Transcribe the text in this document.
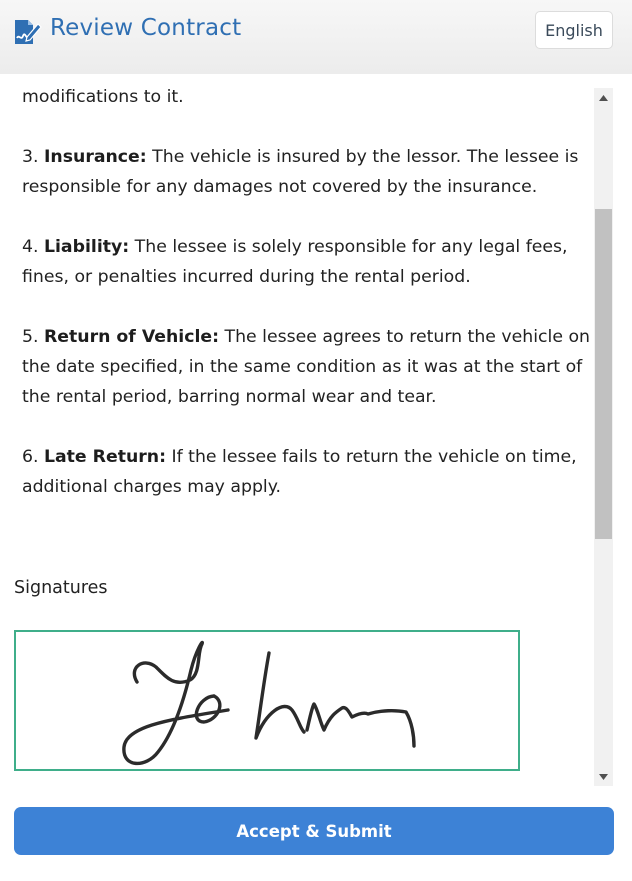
Review Contract	English
modifications to it.
3. Insurance: The vehicle is insured by the lessor. The lessee is responsible for any damages not covered by the insurance.
4. Liability: The lessee is solely responsible for any legal fees, fines, or penalties incurred during the rental period.
5. Return of Vehicle: The lessee agrees to return the vehicle on the date specified, in the same condition as it was at the start of the rental period, barring normal wear and tear.
6. Late Return: If the lessee fails to return the vehicle on time, additional charges may apply.
Signatures
Accept & Submit
